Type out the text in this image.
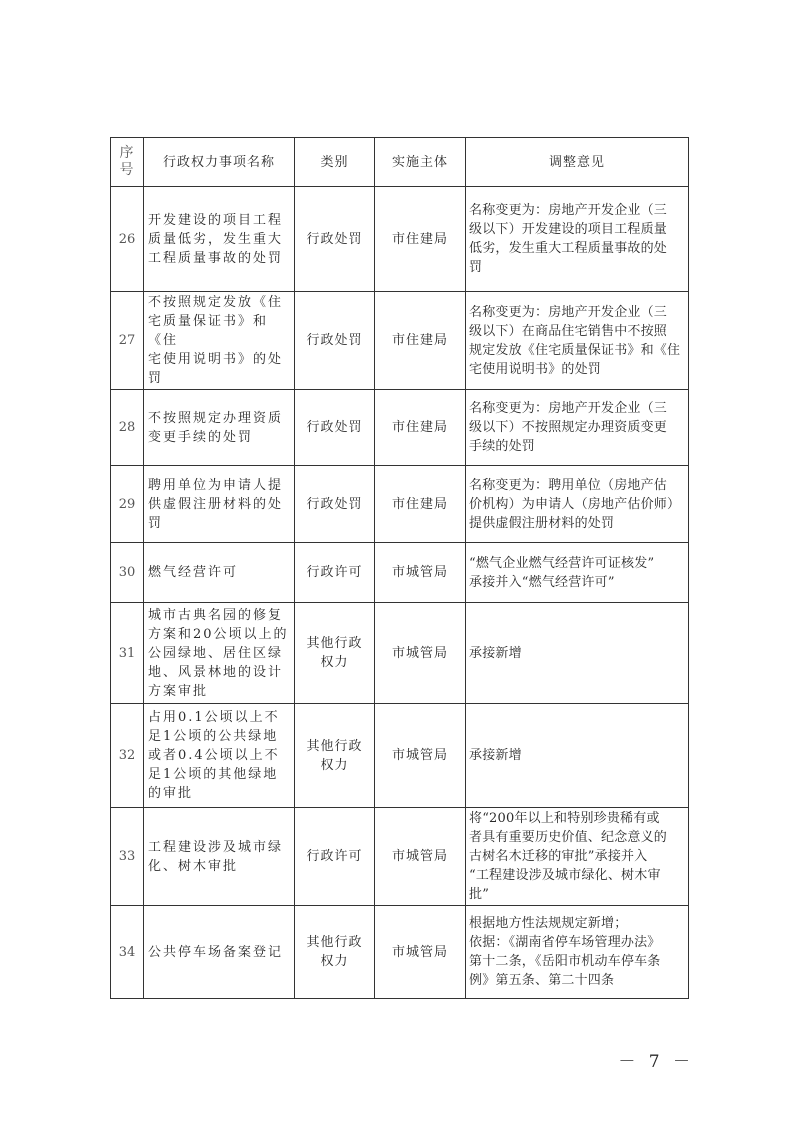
序
号	行政权力事项名称	类别	实施主体	调整意见
26	开发建设的项目工程
质量低劣，发生重大
工程质量事故的处罚	行政处罚	市住建局	名称变更为：房地产开发企业（三
级以下）开发建设的项目工程质量
低劣，发生重大工程质量事故的处
罚
27	不按照规定发放《住
宅质量保证书》和《住
宅使用说明书》的处
罚	行政处罚	市住建局	名称变更为：房地产开发企业（三
级以下）在商品住宅销售中不按照
规定发放《住宅质量保证书》和《住
宅使用说明书》的处罚
28	不按照规定办理资质
变更手续的处罚	行政处罚	市住建局	名称变更为：房地产开发企业（三
级以下）不按照规定办理资质变更
手续的处罚
29	聘用单位为申请人提
供虚假注册材料的处
罚	行政处罚	市住建局	名称变更为：聘用单位（房地产估
价机构）为申请人（房地产估价师）
提供虚假注册材料的处罚
30	燃气经营许可	行政许可	市城管局	“燃气企业燃气经营许可证核发”
承接并入“燃气经营许可”
31	城市古典名园的修复
方案和20公顷以上的
公园绿地、居住区绿
地、风景林地的设计
方案审批	其他行政
权力	市城管局	承接新增
32	占用0.1公顷以上不
足1公顷的公共绿地
或者0.4公顷以上不
足1公顷的其他绿地
的审批	其他行政
权力	市城管局	承接新增
33	工程建设涉及城市绿
化、树木审批	行政许可	市城管局	将“200年以上和特别珍贵稀有或
者具有重要历史价值、纪念意义的
古树名木迁移的审批”承接并入
“工程建设涉及城市绿化、树木审
批”
34	公共停车场备案登记	其他行政
权力	市城管局	根据地方性法规规定新增；
依据：《湖南省停车场管理办法》
第十二条，《岳阳市机动车停车条
例》第五条、第二十四条
－ 7 －
